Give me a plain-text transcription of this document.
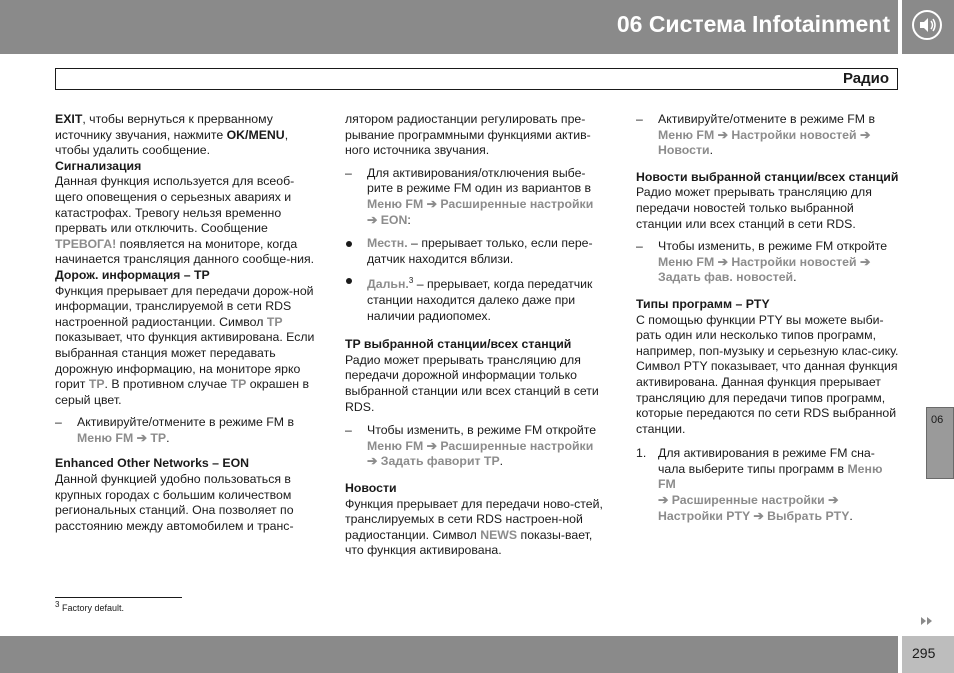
06 Система Infotainment
Радио

EXIT, чтобы вернуться к прерванному источнику звучания, нажмите OK/MENU, чтобы удалить сообщение.

Сигнализация

Данная функция используется для всеоб-щего оповещения о серьезных авариях и катастрофах. Тревогу нельзя временно прервать или отключить. Сообщение ТРЕВОГА! появляется на мониторе, когда начинается трансляция данного сообще-ния.

Дорож. информация – TP

Функция прерывает для передачи дорож-ной информации, транслируемой в сети RDS настроенной радиостанции. Символ TP показывает, что функция активирована. Если выбранная станция может передавать дорожную информацию, на мониторе ярко горит TP. В противном случае TP окрашен в серый цвет.

– Активируйте/отмените в режиме FM в
Меню FM ➔ TP.

Enhanced Other Networks – EON

Данной функцией удобно пользоваться в крупных городах с большим количеством региональных станций. Она позволяет по расстоянию между автомобилем и транс-

лятором радиостанции регулировать пре-рывание программными функциями актив-ного источника звучания.

– Для активирования/отключения выбе-рите в режиме FM один из вариантов в
Меню FM ➔ Расширенные настройки
➔ EON:
Местн. – прерывает только, если пере-датчик находится вблизи.
Дальн.$^3$ – прерывает, когда передатчик станции находится далеко даже при наличии радиопомех.

TP выбранной станции/всех станций

Радио может прерывать трансляцию для передачи дорожной информации только выбранной станции или всех станций в сети RDS.

– Чтобы изменить, в режиме FM откройте
Меню FM ➔ Расширенные настройки
➔ Задать фаворит TP.

Новости

Функция прерывает для передачи ново-стей, транслируемых в сети RDS настроен-ной радиостанции. Символ NEWS показы-вает, что функция активирована.

– Активируйте/отмените в режиме FM в
Меню FM ➔ Настройки новостей ➔
Новости.

Новости выбранной станции/всех станций

Радио может прерывать трансляцию для передачи новостей только выбранной станции или всех станций в сети RDS.

– Чтобы изменить, в режиме FM откройте
Меню FM ➔ Настройки новостей ➔
Задать фав. новостей.

Типы программ – PTY

С помощью функции PTY вы можете выби-рать один или несколько типов программ, например, поп-музыку и серьезную клас-сику. Символ PTY показывает, что данная функция активирована. Данная функция прерывает трансляцию для передачи типов программ, которые передаются по сети RDS выбранной станции.

1. Для активирования в режиме FM сна-чала выберите типы программ в Меню FM
➔ Расширенные настройки ➔
Настройки PTY ➔ Выбрать PTY.
06
$^3$ Factory default.
295
